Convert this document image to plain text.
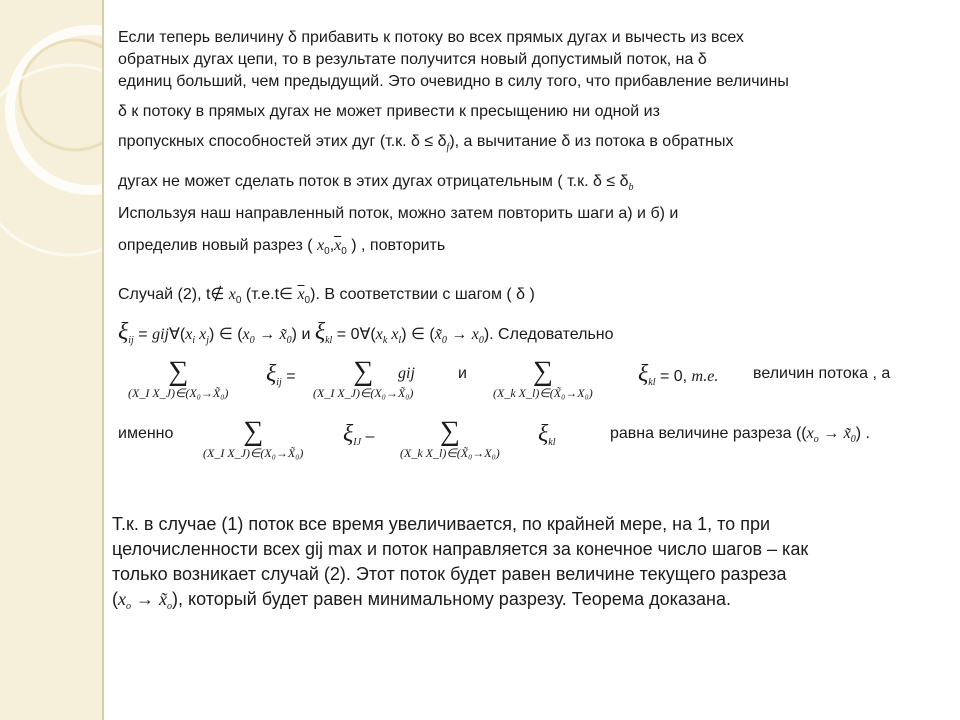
Если теперь величину δ прибавить к потоку во всех прямых дугах и вычесть из всех
обратных дугах цепи, то в результате получится новый допустимый поток, на δ
единиц больший, чем предыдущий. Это очевидно в силу того, что прибавление величины
δ к потоку в прямых дугах не может привести к пресыщению ни одной из
пропускных способностей этих дуг (т.к. $\delta \le \delta_f$), а вычитание δ из потока в обратных
дугах не может сделать поток в этих дугах отрицательным ( т.к. $\delta \le \delta_b$
Используя наш направленный поток, можно затем повторить шаги а) и б) и
определив новый разрез ( $x_0,\overline{x}_0$ ) , повторить
Случай (2), t∉ $x_0$ (т.е.t∈ $\overline{x}_0$). В соответствии с шагом ( δ )
$\xi_{ij}$ = $gij\forall(x_i$ $x_j$) ∈ ($x_0$ → $x̃_0$) и $\xi_{kl}$ = $0\forall(x_k$ $x_l$) ∈ $(x̃_0 \to x_0)$. Следовательно
∑
(X_I X_J)∈(X₀→X̃₀)
$\xi_{ij}$ =	∑
(X_I X_J)∈(X₀→X̃₀)
gij	и	∑
(X_k X_l)∈(X̃₀→X₀)
$\xi_{kl} = 0$, т.е. величин потока , а
именно	∑
(X_I X_J)∈(X₀→X̃₀)
$\xi_{IJ}$ –	∑
(X_k X_l)∈(X̃₀→X₀)
$\xi_{kl}$
равна величине разреза (($x_o$ → $x̃_0$) .
Т.к. в случае (1) поток все время увеличивается, по крайней мере, на 1, то при
целочисленности всех gij max и поток направляется за конечное число шагов – как
только возникает случай (2). Этот поток будет равен величине текущего разреза
($x_o$ → $x̃_o$), который будет равен минимальному разрезу. Теорема доказана.
